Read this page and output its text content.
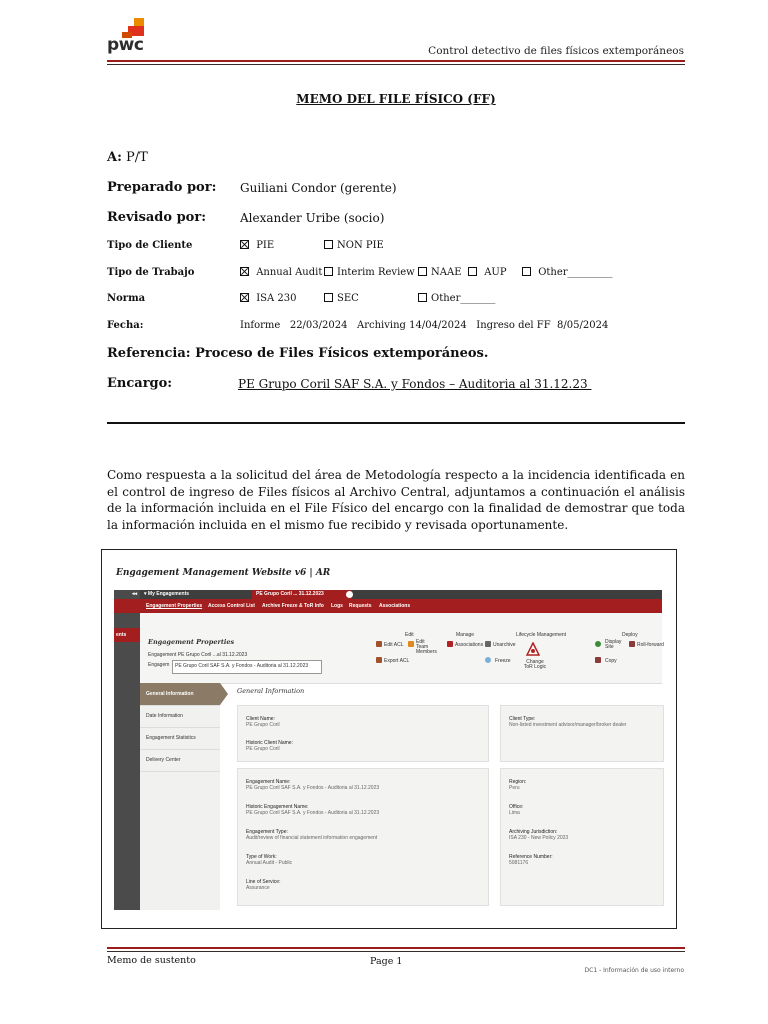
pwc	Control detectivo de files físicos extemporáneos
MEMO DEL FILE FÍSICO (FF)
A: P/T
Preparado por: Guiliani Condor (gerente)
Revisado por:	Alexander Uribe (socio)
Tipo de Cliente	PIE	NON PIE
Tipo de Trabajo	Annual Audit	Interim Review	NAAE	AUP	Other_________
Norma	ISA 230	SEC	Other_______
Fecha:	Informe   22/03/2024   Archiving 14/04/2024   Ingreso del FF  8/05/2024
Referencia: Proceso de Files Físicos extemporáneos.
Encargo:	PE Grupo Coril SAF S.A. y Fondos – Auditoria al 31.12.23
Como respuesta a la solicitud del área de Metodología respecto a la incidencia identificada en el control de ingreso de Files físicos al Archivo Central, adjuntamos a continuación el análisis de la información incluida en el File Físico del encargo con la finalidad de demostrar que toda la información incluida en el mismo fue recibido y revisada oportunamente.
Engagement Management Website v6 | AR
ents
◂◂ ▾ My Engagements	PE Grupo Coril ... 31.12.2023
Engagement Properties Access Control List Archive Freeze & ToR Info Logs Requests Associations
Engagement Properties
Engagement PE Grupo Coril ...al 31.12.2023
Engagem PE Grupo Coril SAF S.A. y Fondos - Auditoria al 31.12.2023
Edit	Manage	Lifecycle Management	Deploy
Edit ACL	Edit Team Members
Associations Unarchive	Display Site	Roll-forward
Export ACL	Freeze	Change ToR Logic
Copy
General Information
Date Information
Engagement Statistics
Delivery Center
General Information
Client Name:
PE Grupo Coril
Historic Client Name:
PE Grupo Coril
Client Type:
Non-listed investment advisor/manager/broker dealer
Engagement Name:
PE Grupo Coril SAF S.A. y Fondos - Auditoria al 31.12.2023
Historic Engagement Name:
PE Grupo Coril SAF S.A. y Fondos - Auditoria al 31.12.2023
Engagement Type:
Audit/review of financial statement information engagement
Type of Work:
Annual Audit - Public
Line of Service:
Assurance
Region:
Peru
Office:
Lima
Archiving Jurisdiction:
ISA 230 - New Policy 2023
Reference Number:
5081176
Memo de sustento	Page 1
DC1 - Información de uso interno
